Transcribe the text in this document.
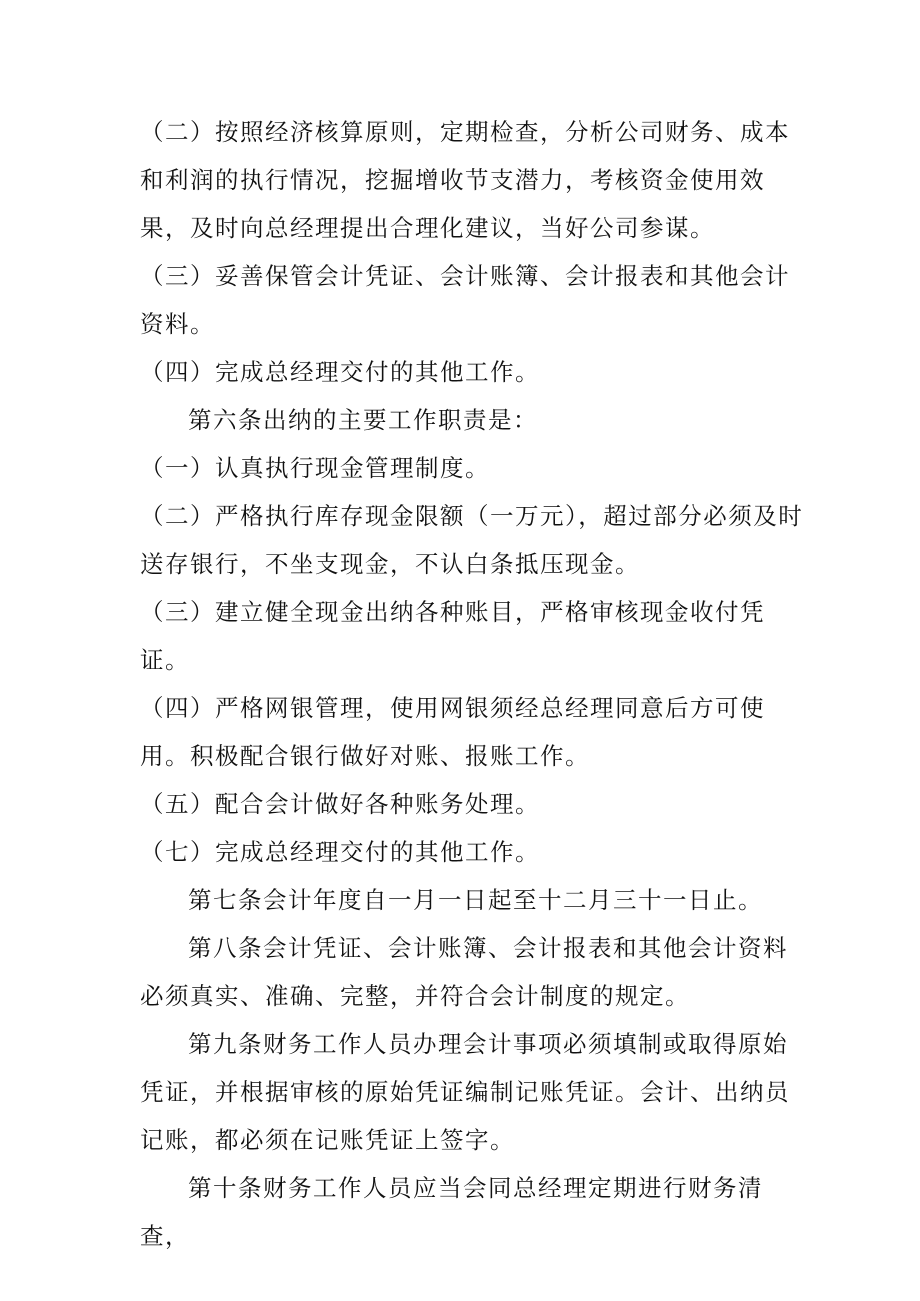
（二）按照经济核算原则，定期检查，分析公司财务、成本和利润的执行情况，挖掘增收节支潜力，考核资金使用效果，及时向总经理提出合理化建议，当好公司参谋。

（三）妥善保管会计凭证、会计账簿、会计报表和其他会计资料。

（四）完成总经理交付的其他工作。

第六条出纳的主要工作职责是：

（一）认真执行现金管理制度。

（二）严格执行库存现金限额（一万元），超过部分必须及时送存银行，不坐支现金，不认白条抵压现金。

（三）建立健全现金出纳各种账目，严格审核现金收付凭证。

（四）严格网银管理，使用网银须经总经理同意后方可使用。积极配合银行做好对账、报账工作。

（五）配合会计做好各种账务处理。

（七）完成总经理交付的其他工作。

第七条会计年度自一月一日起至十二月三十一日止。

第八条会计凭证、会计账簿、会计报表和其他会计资料必须真实、准确、完整，并符合会计制度的规定。

第九条财务工作人员办理会计事项必须填制或取得原始凭证，并根据审核的原始凭证编制记账凭证。会计、出纳员记账，都必须在记账凭证上签字。

第十条财务工作人员应当会同总经理定期进行财务清查，
